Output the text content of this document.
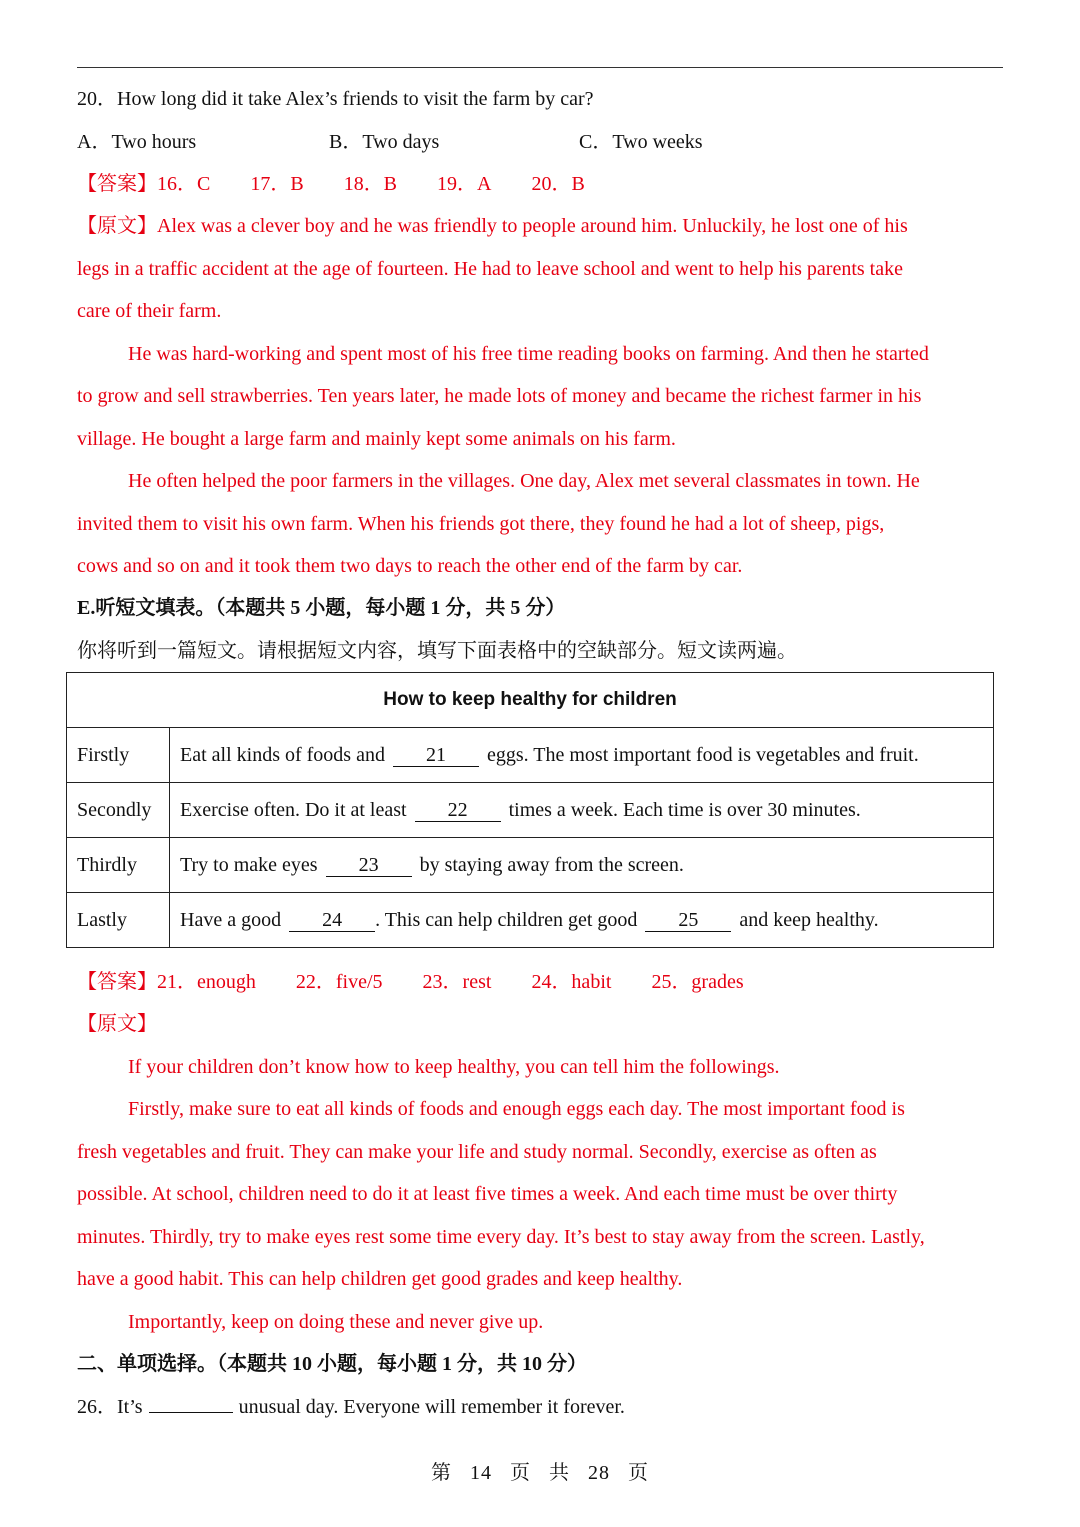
20．How long did it take Alex’s friends to visit the farm by car?
A．Two hours	B．Two days	C．Two weeks
【答案】16．C 17．B 18．B 19．A 20．B
【原文】Alex was a clever boy and he was friendly to people around him. Unluckily, he lost one of his
legs in a traffic accident at the age of fourteen. He had to leave school and went to help his parents take
care of their farm.
He was hard-working and spent most of his free time reading books on farming. And then he started
to grow and sell strawberries. Ten years later, he made lots of money and became the richest farmer in his
village. He bought a large farm and mainly kept some animals on his farm.
He often helped the poor farmers in the villages. One day, Alex met several classmates in town. He
invited them to visit his own farm. When his friends got there, they found he had a lot of sheep, pigs,
cows and so on and it took them two days to reach the other end of the farm by car.
E.听短文填表。（本题共 5 小题，每小题 1 分，共 5 分）
你将听到一篇短文。请根据短文内容，填写下面表格中的空缺部分。短文读两遍。
How to keep healthy for children	
Firstly	Eat all kinds of foods and 21 eggs. The most important food is vegetables and fruit.
Secondly	Exercise often. Do it at least 22 times a week. Each time is over 30 minutes.
Thirdly	Try to make eyes 23 by staying away from the screen.
Lastly	Have a good 24 . This can help children get good 25 and keep healthy.
【答案】21．enough 22．five/5 23．rest 24．habit 25．grades
【原文】
If your children don’t know how to keep healthy, you can tell him the followings.
Firstly, make sure to eat all kinds of foods and enough eggs each day. The most important food is
fresh vegetables and fruit. They can make your life and study normal. Secondly, exercise as often as
possible. At school, children need to do it at least five times a week. And each time must be over thirty
minutes. Thirdly, try to make eyes rest some time every day. It’s best to stay away from the screen. Lastly,
have a good habit. This can help children get good grades and keep healthy.
Importantly, keep on doing these and never give up.
二、单项选择。（本题共 10 小题，每小题 1 分，共 10 分）
26．It’s	unusual day. Everyone will remember it forever.
第 14 页 共 28 页
